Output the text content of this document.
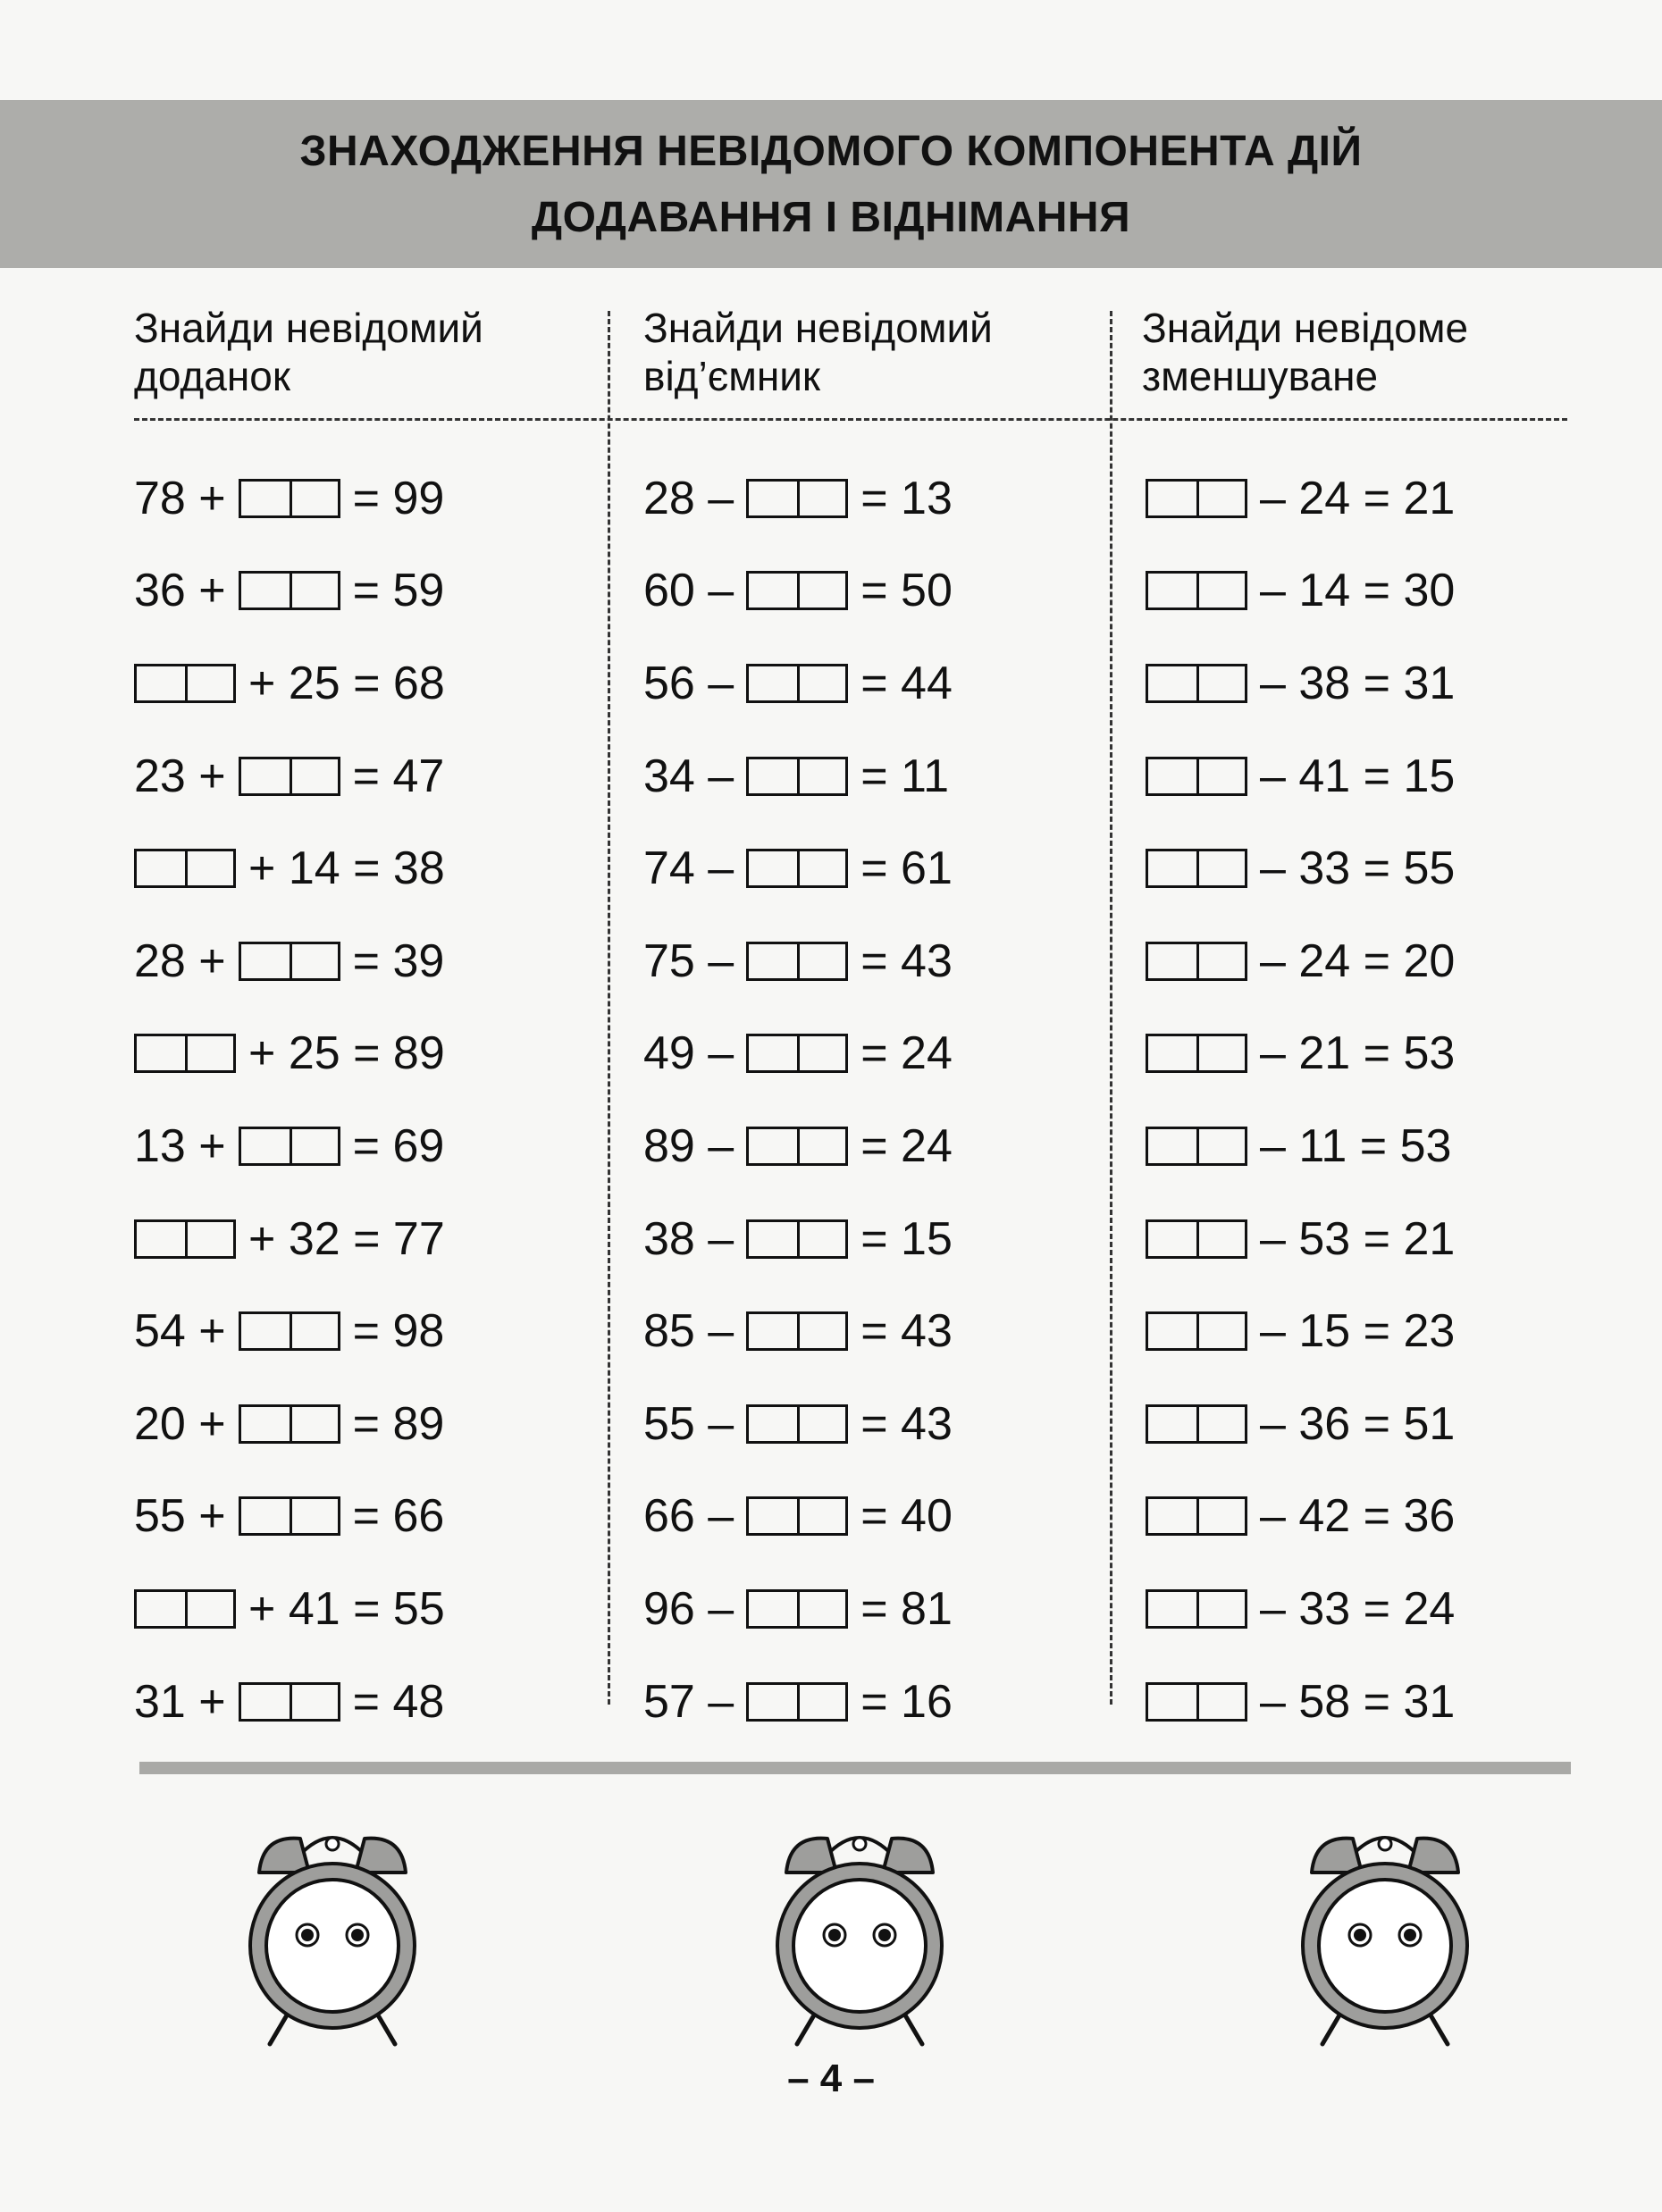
ЗНАХОДЖЕННЯ НЕВІДОМОГО КОМПОНЕНТА ДІЙ
ДОДАВАННЯ І ВІДНІМАННЯ
Знайди невідомий
доданок
Знайди невідомий
від’ємник
Знайди невідоме
зменшуване
78 +	= 99
36 +	= 59
+ 25 = 68
23 +	= 47
+ 14 = 38
28 +	= 39
+ 25 = 89
13 +	= 69
+ 32 = 77
54 +	= 98
20 +	= 89
55 +	= 66
+ 41 = 55
31 +	= 48
28 –	= 13
60 –	= 50
56 –	= 44
34 –	= 11
74 –	= 61
75 –	= 43
49 –	= 24
89 –	= 24
38 –	= 15
85 –	= 43
55 –	= 43
66 –	= 40
96 –	= 81
57 –	= 16
– 24 = 21
– 14 = 30
– 38 = 31
– 41 = 15
– 33 = 55
– 24 = 20
– 21 = 53
– 11 = 53
– 53 = 21
– 15 = 23
– 36 = 51
– 42 = 36
– 33 = 24
– 58 = 31
– 4 –
